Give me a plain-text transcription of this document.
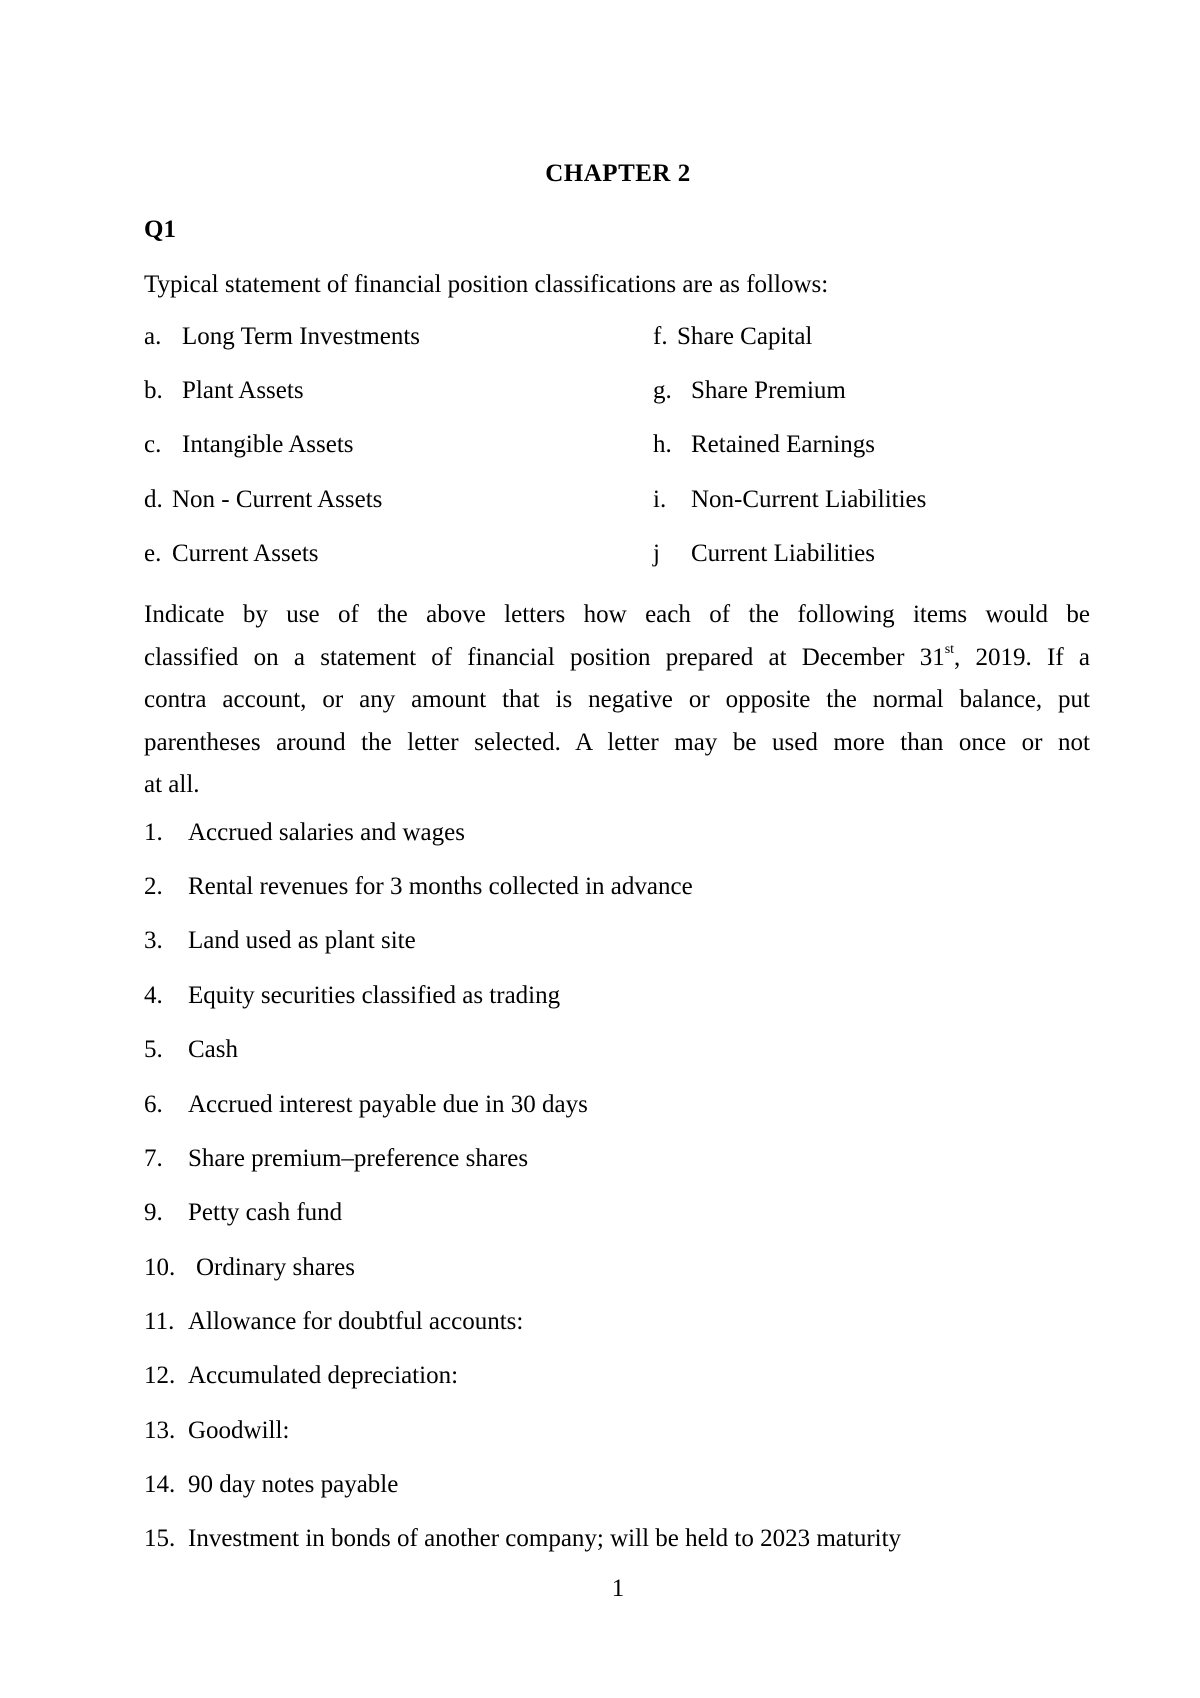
CHAPTER 2
Q1
Typical statement of financial position classifications are as follows:
a. Long Term Investments
b. Plant Assets
c. Intangible Assets
d. Non - Current Assets
e. Current Assets
f. Share Capital
g. Share Premium
h. Retained Earnings
i. Non-Current Liabilities
j Current Liabilities
Indicate by use of the above letters how each of the following items would be
classified on a statement of financial position prepared at December 31st, 2019. If a
contra account, or any amount that is negative or opposite the normal balance, put
parentheses around the letter selected. A letter may be used more than once or not
at all.
1. Accrued salaries and wages
2. Rental revenues for 3 months collected in advance
3. Land used as plant site
4. Equity securities classified as trading
5. Cash
6. Accrued interest payable due in 30 days
7. Share premium–preference shares
9. Petty cash fund
10. Ordinary shares
11. Allowance for doubtful accounts:
12. Accumulated depreciation:
13. Goodwill:
14. 90 day notes payable
15. Investment in bonds of another company; will be held to 2023 maturity
1
